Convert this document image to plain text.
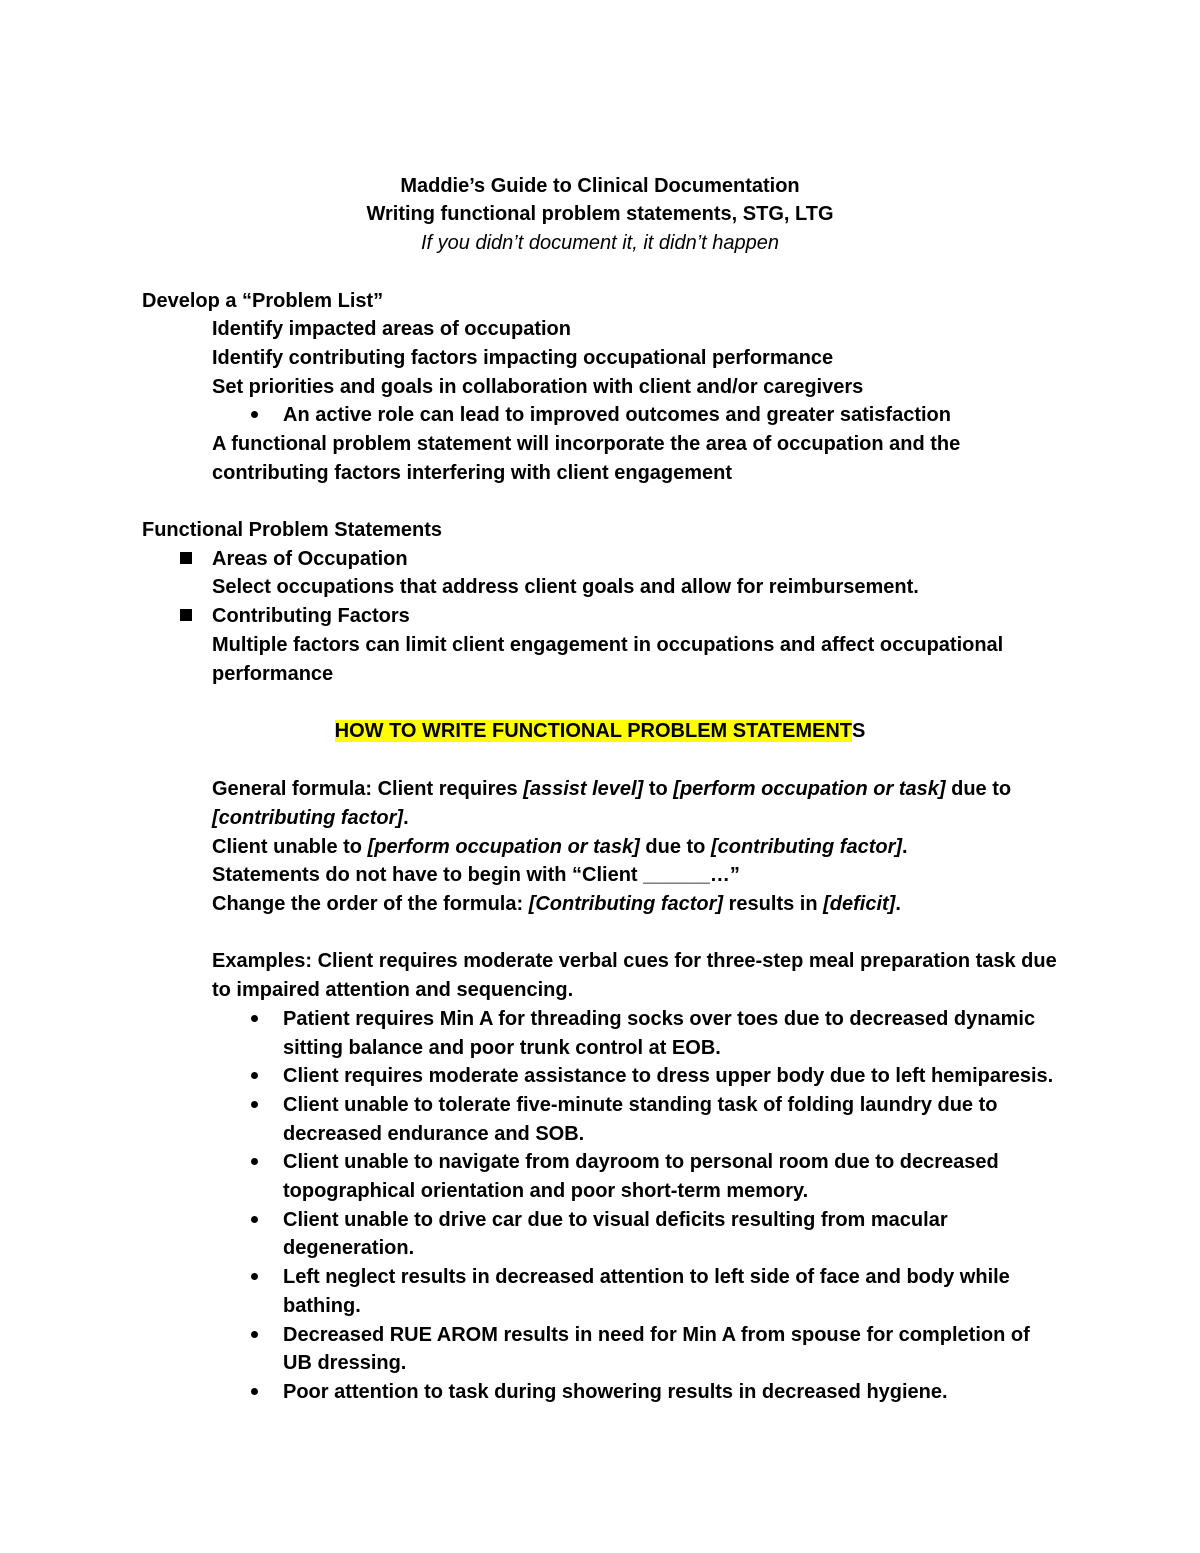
Maddie’s Guide to Clinical Documentation
Writing functional problem statements, STG, LTG
If you didn’t document it, it didn’t happen
Develop a “Problem List”
Identify impacted areas of occupation
Identify contributing factors impacting occupational performance
Set priorities and goals in collaboration with client and/or caregivers
An active role can lead to improved outcomes and greater satisfaction
A functional problem statement will incorporate the area of occupation and the
contributing factors interfering with client engagement
Functional Problem Statements
Areas of Occupation
Select occupations that address client goals and allow for reimbursement.
Contributing Factors
Multiple factors can limit client engagement in occupations and affect occupational
performance
HOW TO WRITE FUNCTIONAL PROBLEM STATEMENTS
General formula: Client requires [assist level] to [perform occupation or task] due to
[contributing factor].
Client unable to [perform occupation or task] due to [contributing factor].
Statements do not have to begin with “Client ______…”
Change the order of the formula: [Contributing factor] results in [deficit].
Examples: Client requires moderate verbal cues for three-step meal preparation task due
to impaired attention and sequencing.
Patient requires Min A for threading socks over toes due to decreased dynamic
sitting balance and poor trunk control at EOB.
Client requires moderate assistance to dress upper body due to left hemiparesis.
Client unable to tolerate five-minute standing task of folding laundry due to
decreased endurance and SOB.
Client unable to navigate from dayroom to personal room due to decreased
topographical orientation and poor short-term memory.
Client unable to drive car due to visual deficits resulting from macular
degeneration.
Left neglect results in decreased attention to left side of face and body while
bathing.
Decreased RUE AROM results in need for Min A from spouse for completion of
UB dressing.
Poor attention to task during showering results in decreased hygiene.
